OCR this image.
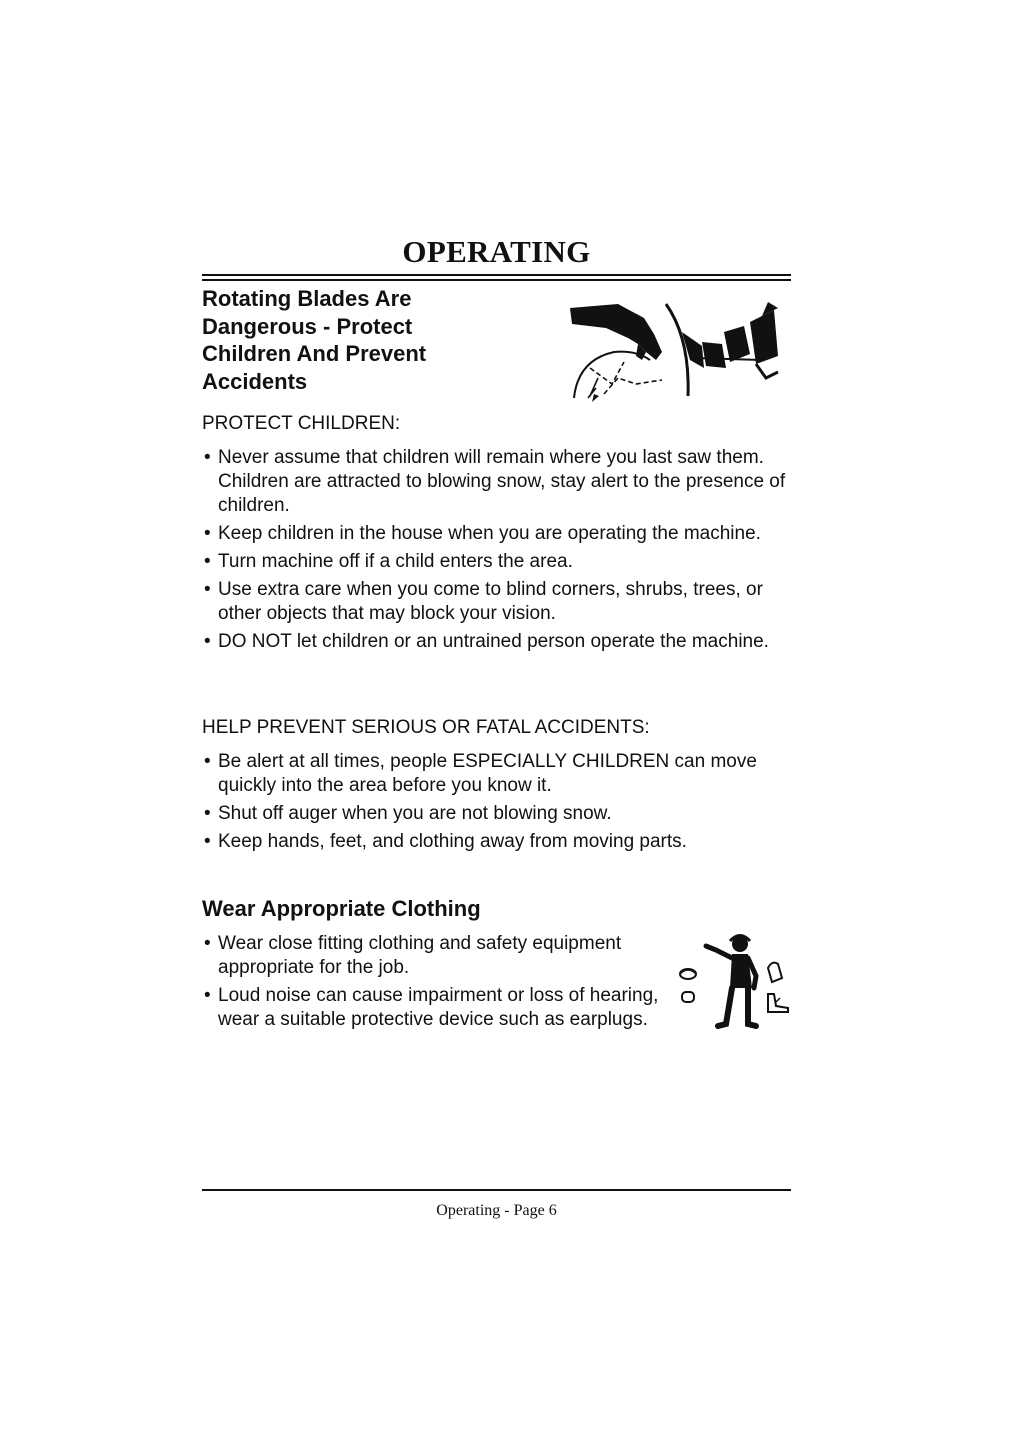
OPERATING
Rotating Blades Are
Dangerous - Protect
Children And Prevent
Accidents

PROTECT CHILDREN:

• Never assume that children will remain where you last saw them. Children are attracted to blowing snow, stay alert to the presence of children.
• Keep children in the house when you are operating the machine.
• Turn machine off if a child enters the area.
• Use extra care when you come to blind corners, shrubs, trees, or other objects that may block your vision.
• DO NOT let children or an untrained person operate the machine.

HELP PREVENT SERIOUS OR FATAL ACCIDENTS:

• Be alert at all times, people ESPECIALLY CHILDREN can move quickly into the area before you know it.
• Shut off auger when you are not blowing snow.
• Keep hands, feet, and clothing away from moving parts.
Wear Appropriate Clothing
• Wear close fitting clothing and safety equipment appropriate for the job.
• Loud noise can cause impairment or loss of hearing, wear a suitable protective device such as earplugs.
Operating - Page 6
